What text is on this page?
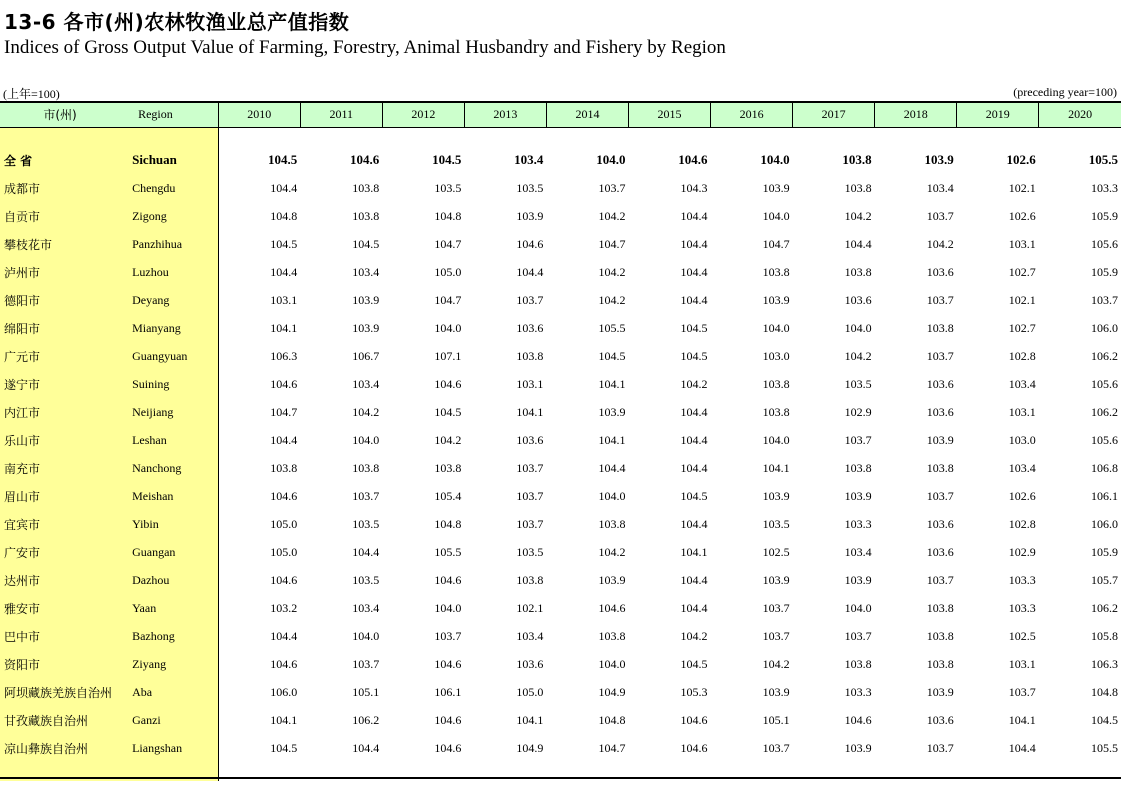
13-6 各市(州)农林牧渔业总产值指数
Indices of Gross Output Value of Farming, Forestry, Animal Husbandry and Fishery by Region
(上年=100)	(preceding year=100)
市(州)	Region	2010	2011	2012	2013	2014	2015	2016	2017	2018	2019	2020

全 省	Sichuan	104.5	104.6	104.5	103.4	104.0	104.6	104.0	103.8	103.9	102.6	105.5
成都市	Chengdu	104.4	103.8	103.5	103.5	103.7	104.3	103.9	103.8	103.4	102.1	103.3
自贡市	Zigong	104.8	103.8	104.8	103.9	104.2	104.4	104.0	104.2	103.7	102.6	105.9
攀枝花市	Panzhihua	104.5	104.5	104.7	104.6	104.7	104.4	104.7	104.4	104.2	103.1	105.6
泸州市	Luzhou	104.4	103.4	105.0	104.4	104.2	104.4	103.8	103.8	103.6	102.7	105.9
德阳市	Deyang	103.1	103.9	104.7	103.7	104.2	104.4	103.9	103.6	103.7	102.1	103.7
绵阳市	Mianyang	104.1	103.9	104.0	103.6	105.5	104.5	104.0	104.0	103.8	102.7	106.0
广元市	Guangyuan	106.3	106.7	107.1	103.8	104.5	104.5	103.0	104.2	103.7	102.8	106.2
遂宁市	Suining	104.6	103.4	104.6	103.1	104.1	104.2	103.8	103.5	103.6	103.4	105.6
内江市	Neijiang	104.7	104.2	104.5	104.1	103.9	104.4	103.8	102.9	103.6	103.1	106.2
乐山市	Leshan	104.4	104.0	104.2	103.6	104.1	104.4	104.0	103.7	103.9	103.0	105.6
南充市	Nanchong	103.8	103.8	103.8	103.7	104.4	104.4	104.1	103.8	103.8	103.4	106.8
眉山市	Meishan	104.6	103.7	105.4	103.7	104.0	104.5	103.9	103.9	103.7	102.6	106.1
宜宾市	Yibin	105.0	103.5	104.8	103.7	103.8	104.4	103.5	103.3	103.6	102.8	106.0
广安市	Guangan	105.0	104.4	105.5	103.5	104.2	104.1	102.5	103.4	103.6	102.9	105.9
达州市	Dazhou	104.6	103.5	104.6	103.8	103.9	104.4	103.9	103.9	103.7	103.3	105.7
雅安市	Yaan	103.2	103.4	104.0	102.1	104.6	104.4	103.7	104.0	103.8	103.3	106.2
巴中市	Bazhong	104.4	104.0	103.7	103.4	103.8	104.2	103.7	103.7	103.8	102.5	105.8
资阳市	Ziyang	104.6	103.7	104.6	103.6	104.0	104.5	104.2	103.8	103.8	103.1	106.3
阿坝藏族羌族自治州	Aba	106.0	105.1	106.1	105.0	104.9	105.3	103.9	103.3	103.9	103.7	104.8
甘孜藏族自治州	Ganzi	104.1	106.2	104.6	104.1	104.8	104.6	105.1	104.6	103.6	104.1	104.5
凉山彝族自治州	Liangshan	104.5	104.4	104.6	104.9	104.7	104.6	103.7	103.9	103.7	104.4	105.5
